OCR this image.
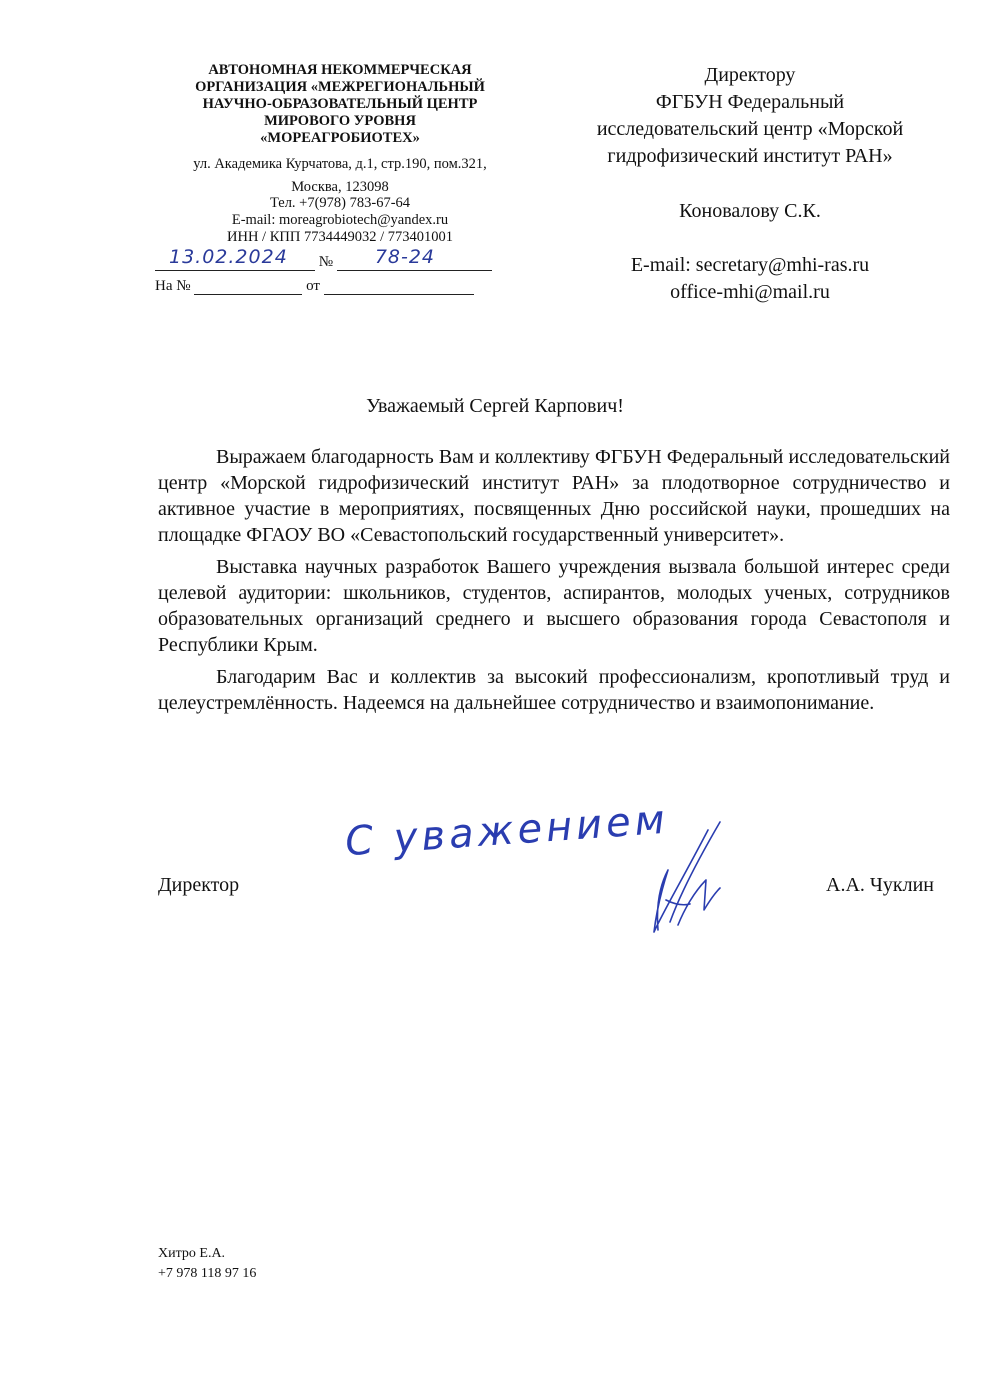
АВТОНОМНАЯ НЕКОММЕРЧЕСКАЯ
ОРГАНИЗАЦИЯ «МЕЖРЕГИОНАЛЬНЫЙ
НАУЧНО-ОБРАЗОВАТЕЛЬНЫЙ ЦЕНТР
МИРОВОГО УРОВНЯ
«МОРЕАГРОБИОТЕХ»
ул. Академика Курчатова, д.1, стр.190, пом.321,
Москва, 123098
Тел. +7(978) 783-67-64
E-mail: moreagrobiotech@yandex.ru
ИНН / КПП 7734449032 / 773401001
13.02.2024 № 78-24
На №	от
Директору
ФГБУН Федеральный
исследовательский центр «Морской
гидрофизический институт РАН»
Коновалову С.К.
E-mail: secretary@mhi-ras.ru
office-mhi@mail.ru
Уважаемый Сергей Карпович!

Выражаем благодарность Вам и коллективу ФГБУН Федеральный исследовательский центр «Морской гидрофизический институт РАН» за плодотворное сотрудничество и активное участие в мероприятиях, посвященных Дню российской науки, прошедших на площадке ФГАОУ ВО «Севастопольский государственный университет».

Выставка научных разработок Вашего учреждения вызвала большой интерес среди целевой аудитории: школьников, студентов, аспирантов, молодых ученых, сотрудников образовательных организаций среднего и высшего образования города Севастополя и Республики Крым.

Благодарим Вас и коллектив за высокий профессионализм, кропотливый труд и целеустремлённость. Надеемся на дальнейшее сотрудничество и взаимопонимание.

С уважением
Директор	А.А. Чуклин
Хитро Е.А.
+7 978 118 97 16
